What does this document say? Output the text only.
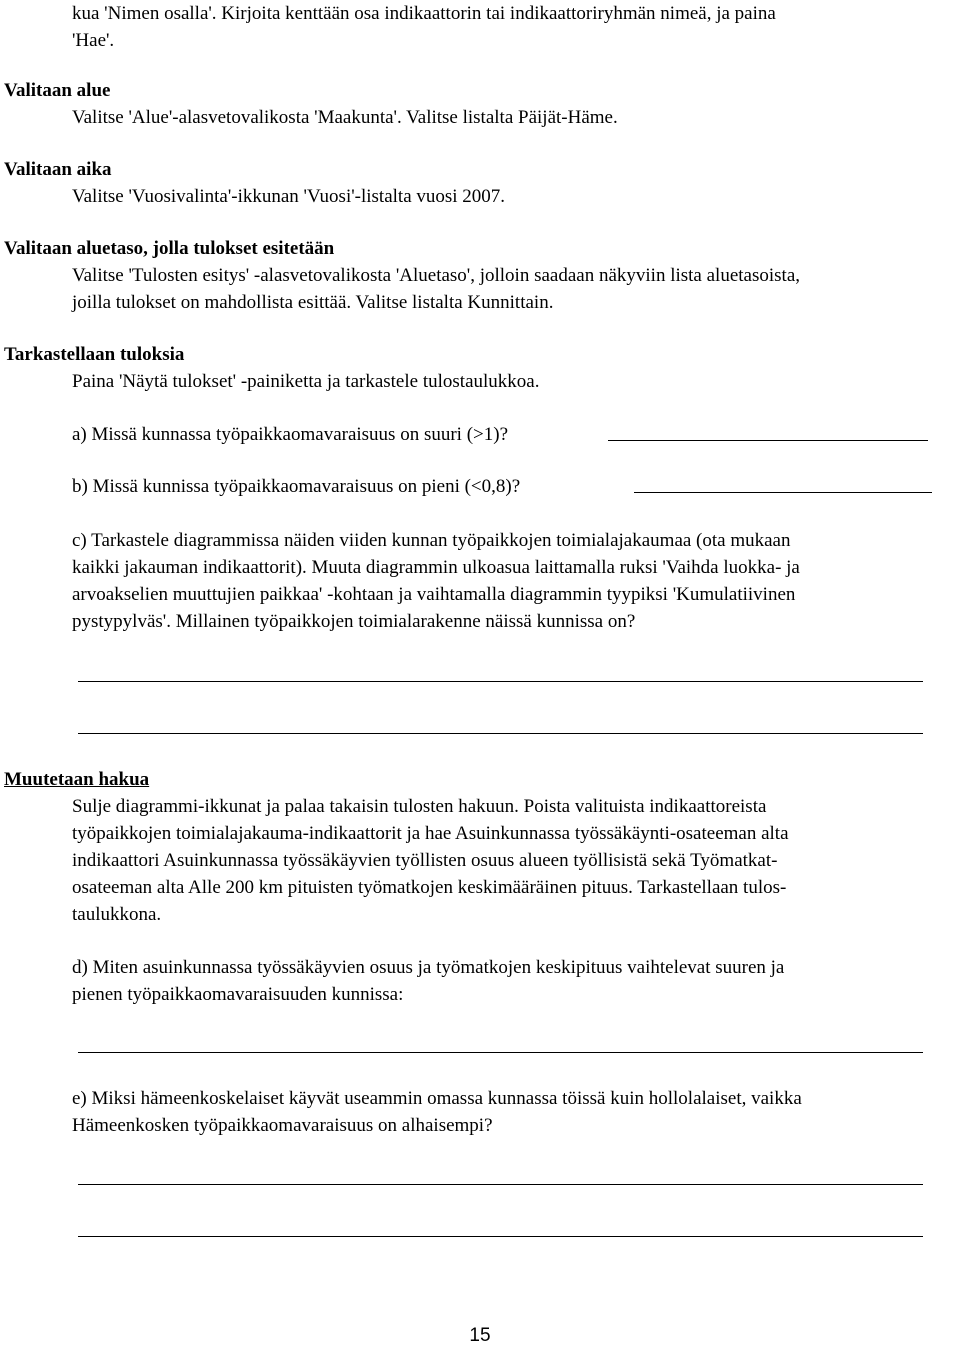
kua 'Nimen osalla'. Kirjoita kenttään osa indikaattorin tai indikaattoriryhmän nimeä, ja paina

'Hae'.

Valitaan alue

Valitse 'Alue'-alasvetovalikosta 'Maakunta'. Valitse listalta Päijät-Häme.

Valitaan aika

Valitse 'Vuosivalinta'-ikkunan 'Vuosi'-listalta vuosi 2007.

Valitaan aluetaso, jolla tulokset esitetään

Valitse 'Tulosten esitys' -alasvetovalikosta 'Aluetaso', jolloin saadaan näkyviin lista aluetasoista,

joilla tulokset on mahdollista esittää. Valitse listalta Kunnittain.

Tarkastellaan tuloksia

Paina 'Näytä tulokset' -painiketta ja tarkastele tulostaulukkoa.

a) Missä kunnassa työpaikkaomavaraisuus on suuri (>1)?

b) Missä kunnissa työpaikkaomavaraisuus on pieni (<0,8)?

c) Tarkastele diagrammissa näiden viiden kunnan työpaikkojen toimialajakaumaa (ota mukaan

kaikki jakauman indikaattorit). Muuta diagrammin ulkoasua laittamalla ruksi 'Vaihda luokka- ja

arvoakselien muuttujien paikkaa' -kohtaan ja vaihtamalla diagrammin tyypiksi 'Kumulatiivinen

pystypylväs'. Millainen työpaikkojen toimialarakenne näissä kunnissa on?

Muutetaan hakua

Sulje diagrammi-ikkunat ja palaa takaisin tulosten hakuun. Poista valituista indikaattoreista

työpaikkojen toimialajakauma-indikaattorit ja hae Asuinkunnassa työssäkäynti-osateeman alta

indikaattori Asuinkunnassa työssäkäyvien työllisten osuus alueen työllisistä sekä Työmatkat-

osateeman alta Alle 200 km pituisten työmatkojen keskimääräinen pituus. Tarkastellaan tulos-

taulukkona.

d) Miten asuinkunnassa työssäkäyvien osuus ja työmatkojen keskipituus vaihtelevat suuren ja

pienen työpaikkaomavaraisuuden kunnissa:

e) Miksi hämeenkoskelaiset käyvät useammin omassa kunnassa töissä kuin hollolalaiset, vaikka

Hämeenkosken työpaikkaomavaraisuus on alhaisempi?

15
